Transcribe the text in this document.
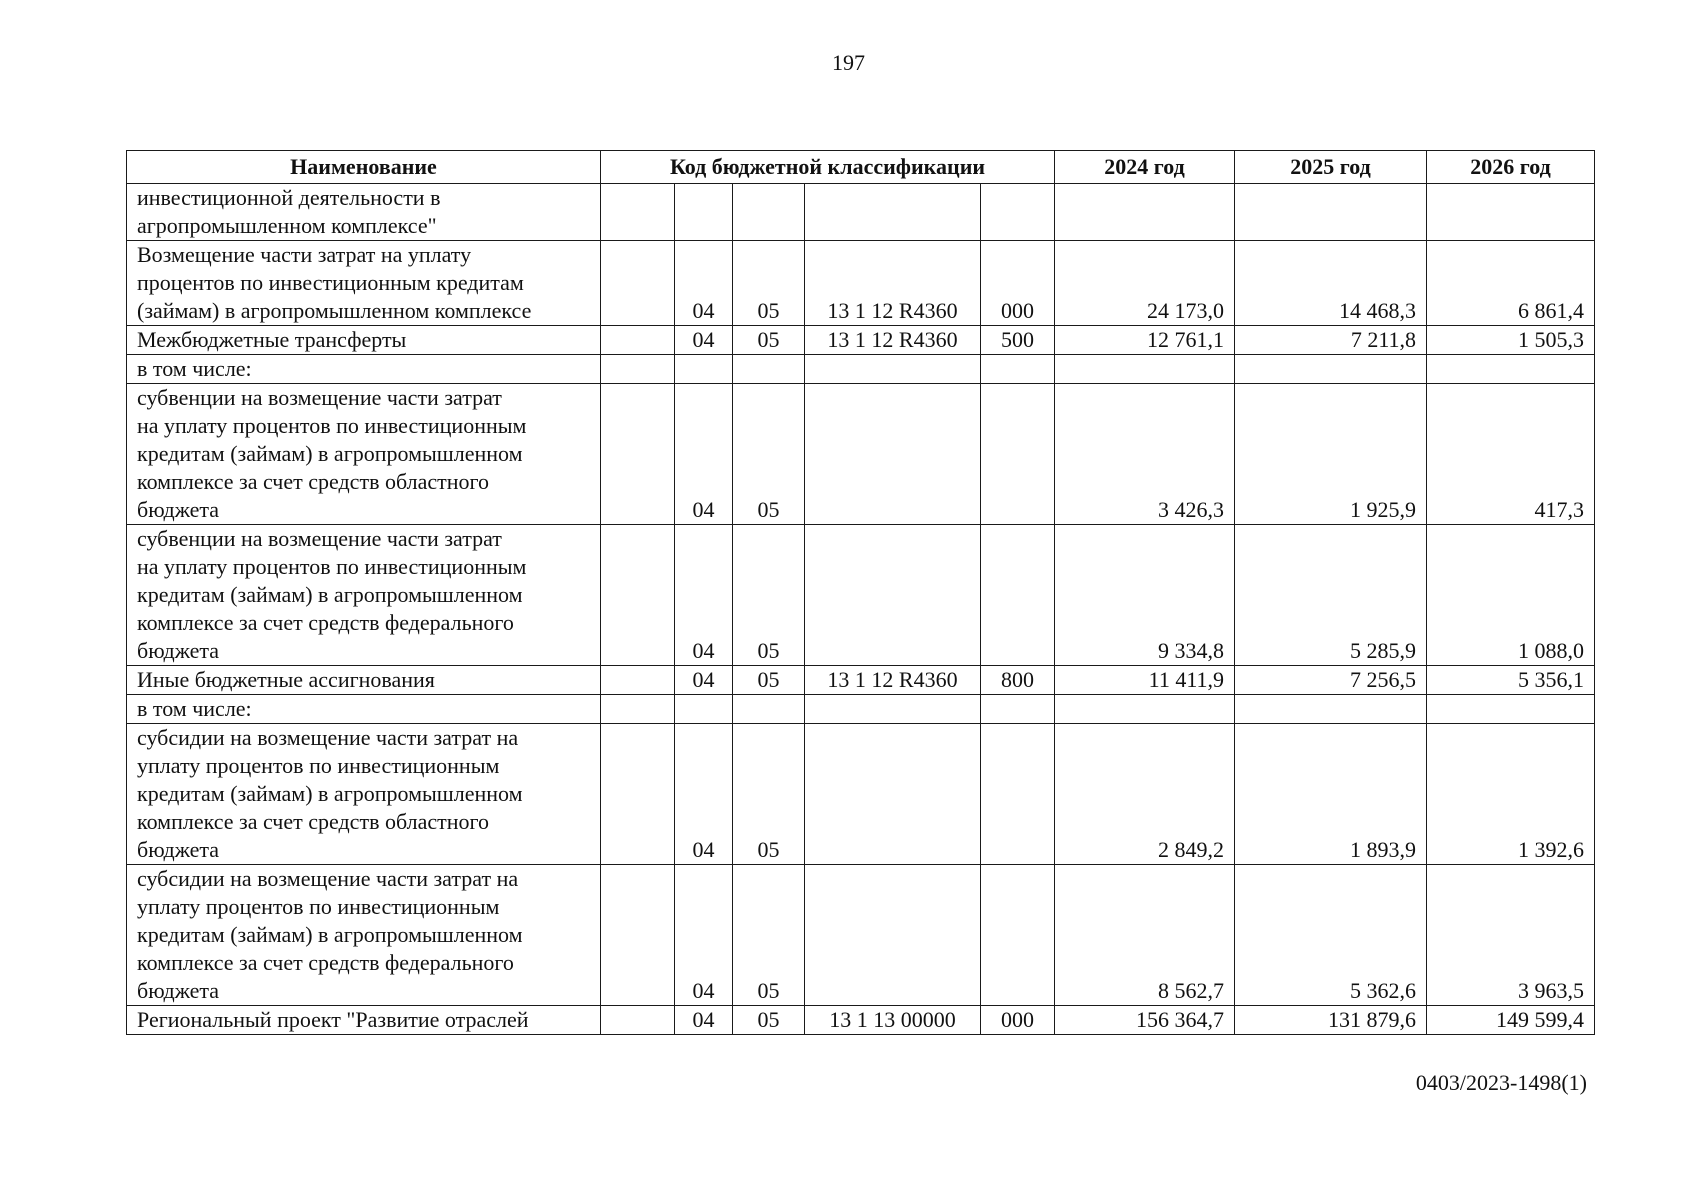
197
Наименование	Код бюджетной классификации					2024 год	2025 год	2026 год
инвестиционной деятельности в
агропромышленном комплексе"								
Возмещение части затрат на уплату
процентов по инвестиционным кредитам
(займам) в агропромышленном комплексе		04	05	13 1 12 R4360	000	24 173,0	14 468,3	6 861,4
Межбюджетные трансферты		04	05	13 1 12 R4360	500	12 761,1	7 211,8	1 505,3
в том числе:								
субвенции на возмещение части затрат
на уплату процентов по инвестиционным
кредитам (займам) в агропромышленном
комплексе за счет средств областного
бюджета		04	05			3 426,3	1 925,9	417,3
субвенции на возмещение части затрат
на уплату процентов по инвестиционным
кредитам (займам) в агропромышленном
комплексе за счет средств федерального
бюджета		04	05			9 334,8	5 285,9	1 088,0
Иные бюджетные ассигнования		04	05	13 1 12 R4360	800	11 411,9	7 256,5	5 356,1
в том числе:								
субсидии на возмещение части затрат на
уплату процентов по инвестиционным
кредитам (займам) в агропромышленном
комплексе за счет средств областного
бюджета		04	05			2 849,2	1 893,9	1 392,6
субсидии на возмещение части затрат на
уплату процентов по инвестиционным
кредитам (займам) в агропромышленном
комплексе за счет средств федерального
бюджета		04	05			8 562,7	5 362,6	3 963,5
Региональный проект "Развитие отраслей		04	05	13 1 13 00000	000	156 364,7	131 879,6	149 599,4
0403/2023-1498(1)
